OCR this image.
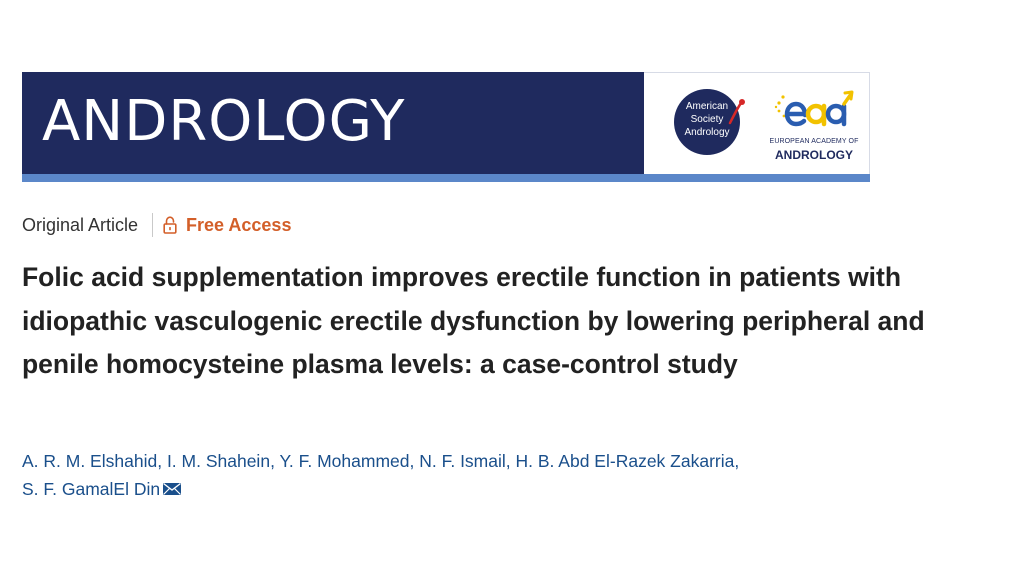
ANDROLOGY	American
Society
Andrology
EUROPEAN ACADEMY OF
ANDROLOGY
Original Article	Free Access
Folic acid supplementation improves erectile function in patients with idiopathic vasculogenic erectile dysfunction by lowering peripheral and penile homocysteine plasma levels: a case-control study
A. R. M. Elshahid, I. M. Shahein, Y. F. Mohammed, N. F. Ismail, H. B. Abd El-Razek Zakarria,
S. F. GamalEl Din
